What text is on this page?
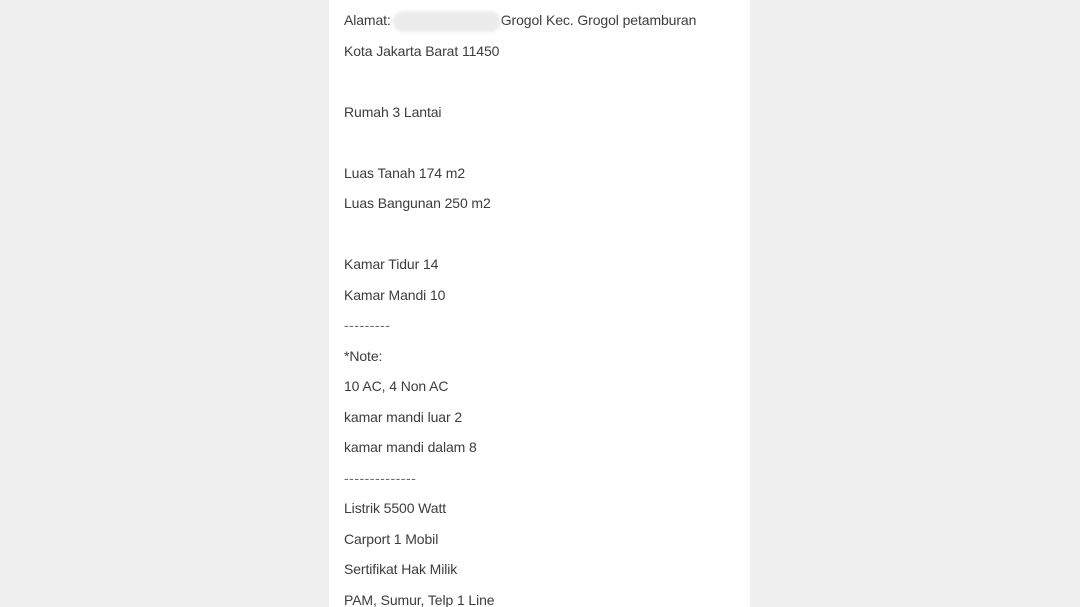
Alamat:	Grogol Kec. Grogol petamburan
Kota Jakarta Barat 11450
Rumah 3 Lantai
Luas Tanah 174 m2
Luas Bangunan 250 m2
Kamar Tidur 14
Kamar Mandi 10
---------
*Note:
10 AC, 4 Non AC
kamar mandi luar 2
kamar mandi dalam 8
--------------
Listrik 5500 Watt
Carport 1 Mobil
Sertifikat Hak Milik
PAM, Sumur, Telp 1 Line
